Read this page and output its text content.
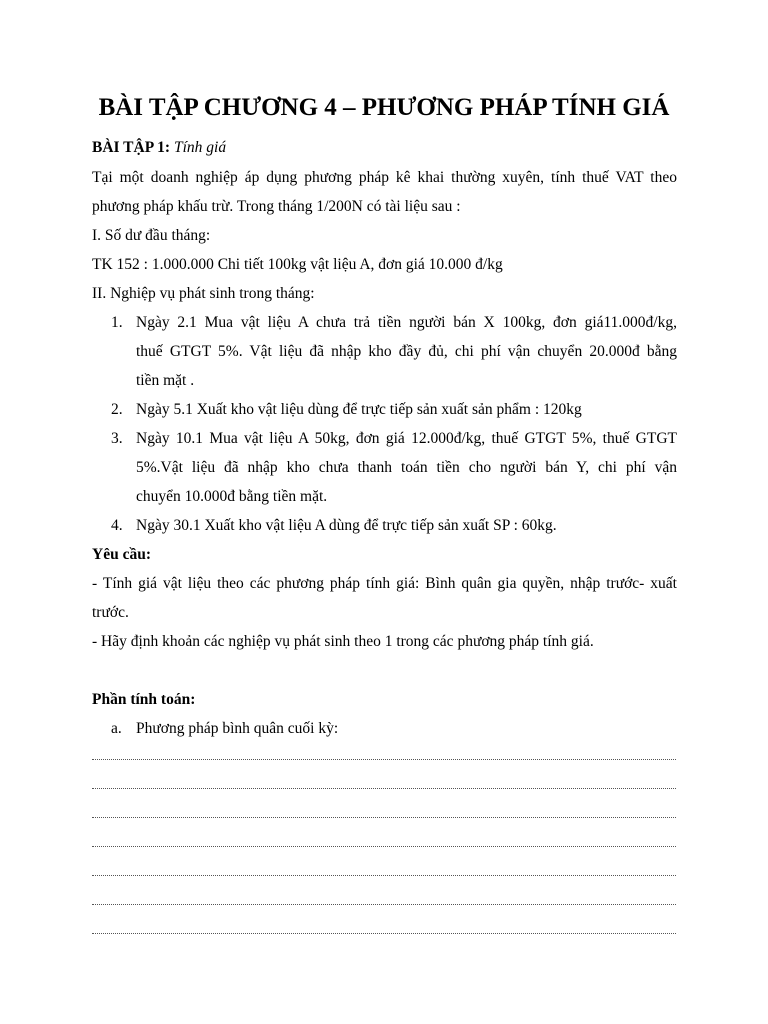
BÀI TẬP CHƯƠNG 4 – PHƯƠNG PHÁP TÍNH GIÁ
BÀI TẬP 1: Tính giá
Tại một doanh nghiệp áp dụng phương pháp kê khai thường xuyên, tính thuế VAT theo
phương pháp khấu trừ. Trong tháng 1/200N có tài liệu sau :
I. Số dư đầu tháng:
TK 152 : 1.000.000 Chi tiết 100kg vật liệu A, đơn giá 10.000 đ/kg
II. Nghiệp vụ phát sinh trong tháng:
1. Ngày 2.1 Mua vật liệu A chưa trả tiền người bán X 100kg, đơn giá11.000đ/kg,
thuế GTGT 5%. Vật liệu đã nhập kho đầy đủ, chi phí vận chuyển 20.000đ bằng
tiền mặt .
2. Ngày 5.1 Xuất kho vật liệu dùng để trực tiếp sản xuất sản phẩm : 120kg
3. Ngày 10.1 Mua vật liệu A 50kg, đơn giá 12.000đ/kg, thuế GTGT 5%, thuế GTGT
5%.Vật liệu đã nhập kho chưa thanh toán tiền cho người bán Y, chi phí vận
chuyển 10.000đ bằng tiền mặt.
4. Ngày 30.1 Xuất kho vật liệu A dùng để trực tiếp sản xuất SP : 60kg.
Yêu cầu:
- Tính giá vật liệu theo các phương pháp tính giá: Bình quân gia quyền, nhập trước- xuất
trước.
- Hãy định khoản các nghiệp vụ phát sinh theo 1 trong các phương pháp tính giá.
Phần tính toán:
a. Phương pháp bình quân cuối kỳ:
